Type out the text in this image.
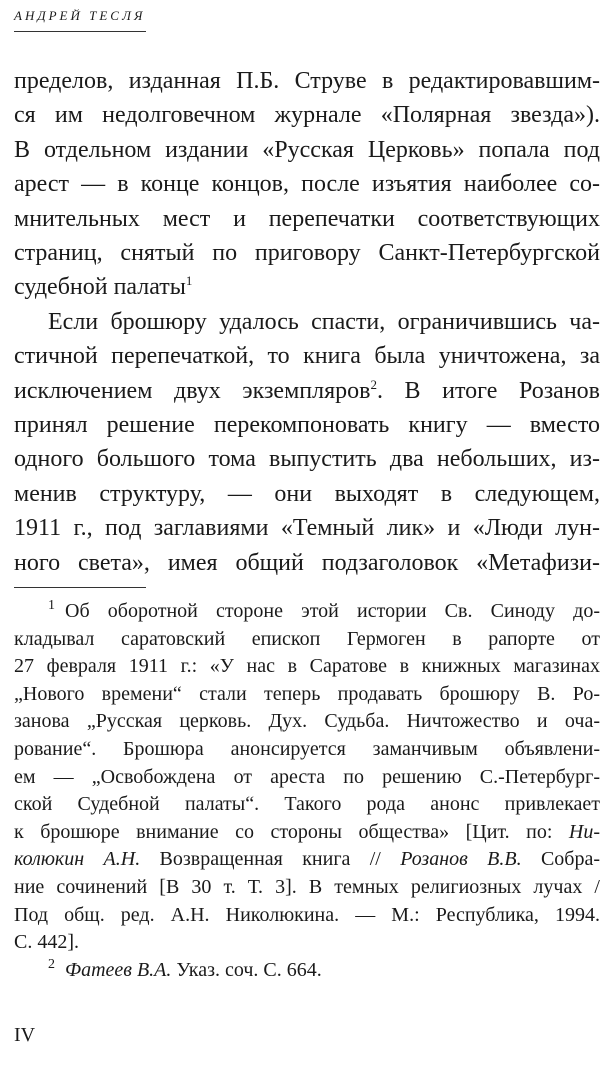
АНДРЕЙ ТЕСЛЯ
пределов, изданная П.Б. Струве в редактировавшим-
ся им недолговечном журнале «Полярная звезда»).
В отдельном издании «Русская Церковь» попала под
арест — в конце концов, после изъятия наиболее со-
мнительных мест и перепечатки соответствующих
страниц, снятый по приговору Санкт-Петербургской
судебной палаты$^1$
Если брошюру удалось спасти, ограничившись ча-
стичной перепечаткой, то книга была уничтожена, за
исключением двух экземпляров$^2$. В итоге Розанов
принял решение перекомпоновать книгу — вместо
одного большого тома выпустить два небольших, из-
менив структуру, — они выходят в следующем,
1911 г., под заглавиями «Темный лик» и «Люди лун-
ного света», имея общий подзаголовок «Метафизи-
$^1$ Об оборотной стороне этой истории Св. Синоду до-
кладывал саратовский епископ Гермоген в рапорте от
27 февраля 1911 г.: «У нас в Саратове в книжных магазинах
„Нового времени“ стали теперь продавать брошюру В. Ро-
занова „Русская церковь. Дух. Судьба. Ничтожество и оча-
рование“. Брошюра анонсируется заманчивым объявлени-
ем — „Освобождена от ареста по решению С.-Петербург-
ской Судебной палаты“. Такого рода анонс привлекает
к брошюре внимание со стороны общества» [Цит. по: Ни-
колюкин А.Н. Возвращенная книга // Розанов В.В. Собра-
ние сочинений [В 30 т. Т. 3]. В темных религиозных лучах /
Под общ. ред. А.Н. Николюкина. — М.: Республика, 1994.
С. 442].
$^2$ Фатеев В.А. Указ. соч. С. 664.
IV
